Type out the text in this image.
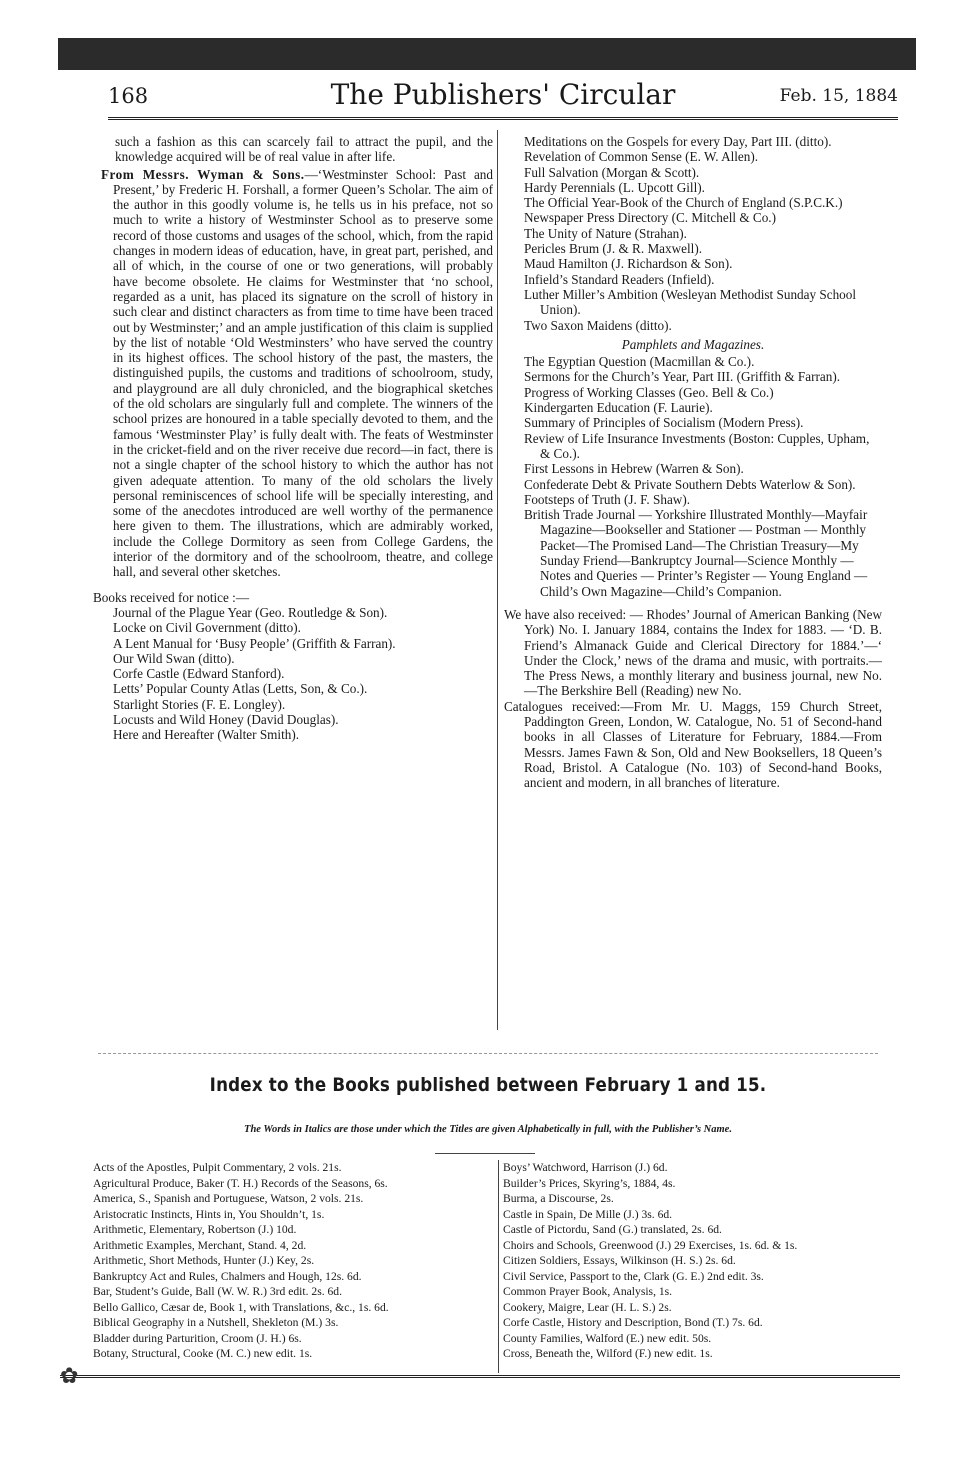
168	The Publishers' Circular	Feb. 15, 1884

such a fashion as this can scarcely fail to attract the pupil, and the knowledge acquired will be of real value in after life.

From Messrs. Wyman & Sons.—‘Westminster School: Past and Present,’ by Frederic H. Forshall, a former Queen’s Scholar. The aim of the author in this goodly volume is, he tells us in his preface, not so much to write a history of Westminster School as to preserve some record of those customs and usages of the school, which, from the rapid changes in modern ideas of education, have, in great part, perished, and all of which, in the course of one or two generations, will probably have become obsolete. He claims for Westminster that ‘no school, regarded as a unit, has placed its signature on the scroll of history in such clear and distinct characters as from time to time have been traced out by Westminster;’ and an ample justification of this claim is supplied by the list of notable ‘Old Westminsters’ who have served the country in its highest offices. The school history of the past, the masters, the distinguished pupils, the customs and traditions of schoolroom, study, and playground are all duly chronicled, and the biographical sketches of the old scholars are singularly full and complete. The winners of the school prizes are honoured in a table specially devoted to them, and the famous ‘Westminster Play’ is fully dealt with. The feats of Westminster in the cricket-field and on the river receive due record—in fact, there is not a single chapter of the school history to which the author has not given adequate attention. To many of the old scholars the lively personal reminiscences of school life will be specially interesting, and some of the anecdotes introduced are well worthy of the permanence here given to them. The illustrations, which are admirably worked, include the College Dormitory as seen from College Gardens, the interior of the dormitory and of the schoolroom, theatre, and college hall, and several other sketches.

Books received for notice :—

Journal of the Plague Year (Geo. Routledge & Son).
Locke on Civil Government (ditto).
A Lent Manual for ‘Busy People’ (Griffith & Farran).
Our Wild Swan (ditto).
Corfe Castle (Edward Stanford).
Letts’ Popular County Atlas (Letts, Son, & Co.).
Starlight Stories (F. E. Longley).
Locusts and Wild Honey (David Douglas).
Here and Hereafter (Walter Smith).
Meditations on the Gospels for every Day, Part III. (ditto).
Revelation of Common Sense (E. W. Allen).
Full Salvation (Morgan & Scott).
Hardy Perennials (L. Upcott Gill).
The Official Year-Book of the Church of England (S.P.C.K.)
Newspaper Press Directory (C. Mitchell & Co.)
The Unity of Nature (Strahan).
Pericles Brum (J. & R. Maxwell).
Maud Hamilton (J. Richardson & Son).
Infield’s Standard Readers (Infield).
Luther Miller’s Ambition (Wesleyan Methodist Sunday School Union).
Two Saxon Maidens (ditto).

Pamphlets and Magazines.

The Egyptian Question (Macmillan & Co.).
Sermons for the Church’s Year, Part III. (Griffith & Farran).
Progress of Working Classes (Geo. Bell & Co.)
Kindergarten Education (F. Laurie).
Summary of Principles of Socialism (Modern Press).
Review of Life Insurance Investments (Boston: Cupples, Upham, & Co.).
First Lessons in Hebrew (Warren & Son).
Confederate Debt & Private Southern Debts Waterlow & Son).
Footsteps of Truth (J. F. Shaw).
British Trade Journal — Yorkshire Illustrated Monthly—Mayfair Magazine—Bookseller and Stationer — Postman — Monthly Packet—The Promised Land—The Christian Treasury—My Sunday Friend—Bankruptcy Journal—Science Monthly — Notes and Queries — Printer’s Register — Young England — Child’s Own Magazine—Child’s Companion.

We have also received: — Rhodes’ Journal of American Banking (New York) No. I. January 1884, contains the Index for 1883. — ‘D. B. Friend’s Almanack Guide and Clerical Directory for 1884.’—‘ Under the Clock,’ news of the drama and music, with portraits.—The Press News, a monthly literary and business journal, new No.—The Berkshire Bell (Reading) new No.

Catalogues received:—From Mr. U. Maggs, 159 Church Street, Paddington Green, London, W. Catalogue, No. 51 of Second-hand books in all Classes of Literature for February, 1884.—From Messrs. James Fawn & Son, Old and New Booksellers, 18 Queen’s Road, Bristol. A Catalogue (No. 103) of Second-hand Books, ancient and modern, in all branches of literature.

Index to the Books published between February 1 and 15.
The Words in Italics are those under which the Titles are given Alphabetically in full, with the Publisher’s Name.
Acts of the Apostles, Pulpit Commentary, 2 vols. 21s.
Agricultural Produce, Baker (T. H.) Records of the Seasons, 6s.
America, S., Spanish and Portuguese, Watson, 2 vols. 21s.
Aristocratic Instincts, Hints in, You Shouldn’t, 1s.
Arithmetic, Elementary, Robertson (J.) 10d.
Arithmetic Examples, Merchant, Stand. 4, 2d.
Arithmetic, Short Methods, Hunter (J.) Key, 2s.
Bankruptcy Act and Rules, Chalmers and Hough, 12s. 6d.
Bar, Student’s Guide, Ball (W. W. R.) 3rd edit. 2s. 6d.
Bello Gallico, Cæsar de, Book 1, with Translations, &c., 1s. 6d.
Biblical Geography in a Nutshell, Shekleton (M.) 3s.
Bladder during Parturition, Croom (J. H.) 6s.
Botany, Structural, Cooke (M. C.) new edit. 1s.
Boys’ Watchword, Harrison (J.) 6d.
Builder’s Prices, Skyring’s, 1884, 4s.
Burma, a Discourse, 2s.
Castle in Spain, De Mille (J.) 3s. 6d.
Castle of Pictordu, Sand (G.) translated, 2s. 6d.
Choirs and Schools, Greenwood (J.) 29 Exercises, 1s. 6d. & 1s.
Citizen Soldiers, Essays, Wilkinson (H. S.) 2s. 6d.
Civil Service, Passport to the, Clark (G. E.) 2nd edit. 3s.
Common Prayer Book, Analysis, 1s.
Cookery, Maigre, Lear (H. L. S.) 2s.
Corfe Castle, History and Description, Bond (T.) 7s. 6d.
County Families, Walford (E.) new edit. 50s.
Cross, Beneath the, Wilford (F.) new edit. 1s.
✿
